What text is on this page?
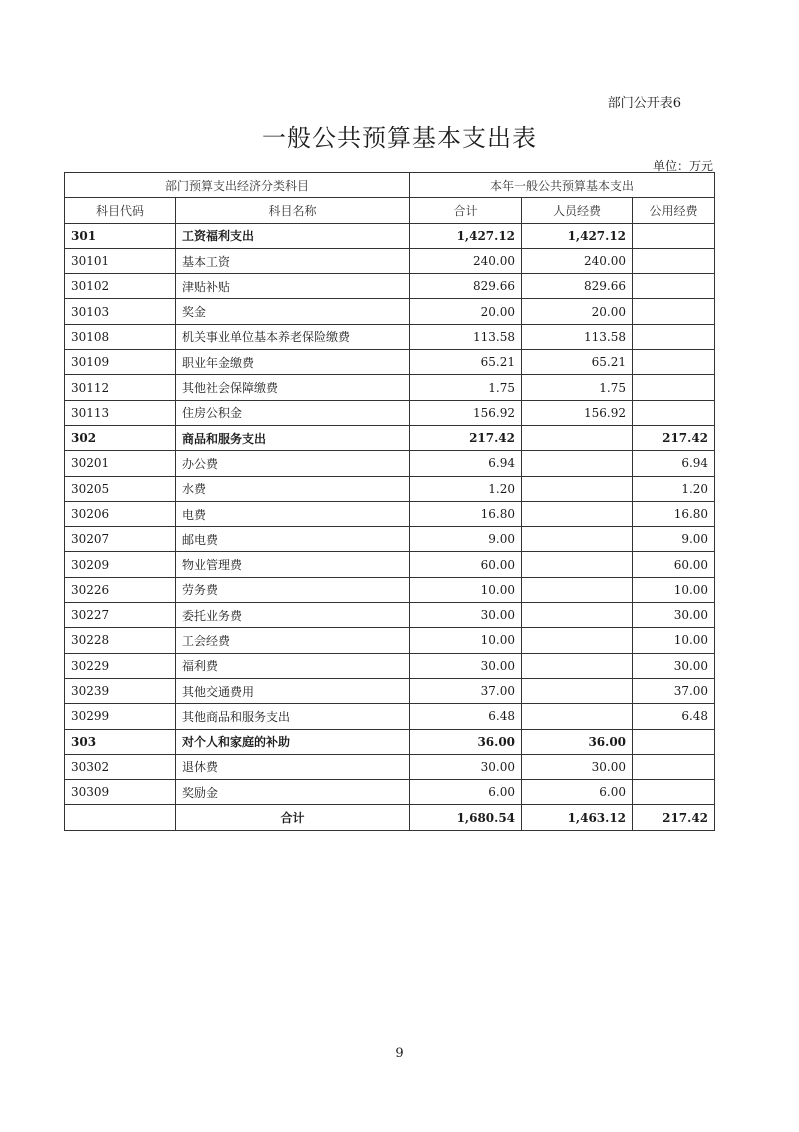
部门公开表6
一般公共预算基本支出表
单位：万元
部门预算支出经济分类科目		本年一般公共预算基本支出		
科目代码	科目名称	合计	人员经费	公用经费
301	工资福利支出	1,427.12	1,427.12	
30101	基本工资	240.00	240.00	
30102	津贴补贴	829.66	829.66	
30103	奖金	20.00	20.00	
30108	机关事业单位基本养老保险缴费	113.58	113.58	
30109	职业年金缴费	65.21	65.21	
30112	其他社会保障缴费	1.75	1.75	
30113	住房公积金	156.92	156.92	
302	商品和服务支出	217.42		217.42
30201	办公费	6.94		6.94
30205	水费	1.20		1.20
30206	电费	16.80		16.80
30207	邮电费	9.00		9.00
30209	物业管理费	60.00		60.00
30226	劳务费	10.00		10.00
30227	委托业务费	30.00		30.00
30228	工会经费	10.00		10.00
30229	福利费	30.00		30.00
30239	其他交通费用	37.00		37.00
30299	其他商品和服务支出	6.48		6.48
303	对个人和家庭的补助	36.00	36.00	
30302	退休费	30.00	30.00	
30309	奖励金	6.00	6.00	
	合计	1,680.54	1,463.12	217.42
9
